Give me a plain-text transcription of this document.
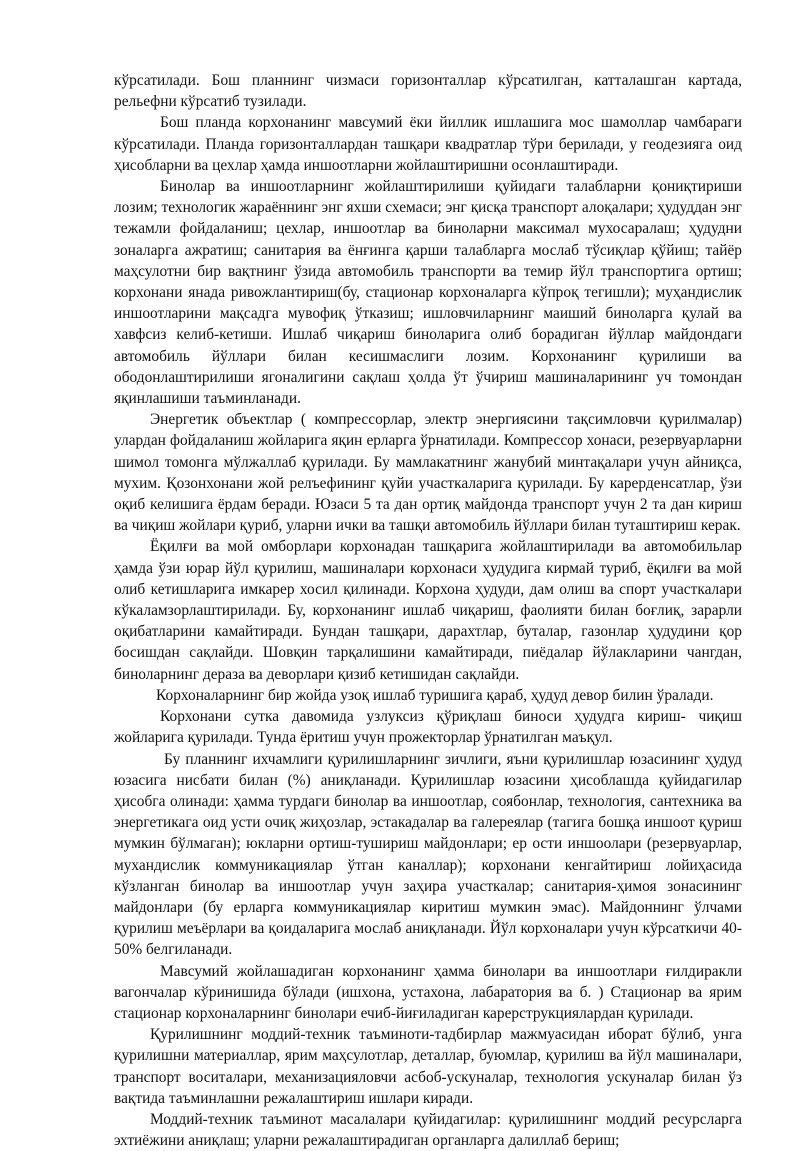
кўрсатилади. Бош планнинг чизмаси горизонталлар кўрсатилган, катталашган картада, рельефни кўрсатиб тузилади.

Бош планда корхонанинг мавсумий ёки йиллик ишлашига мос шамоллар чамбараги кўрсатилади. Планда горизонталлардан ташқари квадратлар тўри берилади, у геодезияга оид ҳисобларни ва цехлар ҳамда иншоотларни жойлаштиришни осонлаштиради.

Бинолар ва иншоотларнинг жойлаштирилиши қуйидаги талабларни қониқтириши лозим; технологик жараённинг энг яхши схемаси; энг қисқа транспорт алоқалари; ҳудуддан энг тежамли фойдаланиш; цехлар, иншоотлар ва биноларни максимал мухосаралаш; ҳудудни зоналарга ажратиш; санитария ва ёнғинга қарши талабларга мослаб тўсиқлар қўйиш; тайёр маҳсулотни бир вақтнинг ўзида автомобиль транспорти ва темир йўл транспортига ортиш; корхонани янада ривожлантириш(бу, стационар корхоналарга кўпроқ тегишли); муҳандислик иншоотларини мақсадга мувофиқ ўтказиш; ишловчиларнинг маиший биноларга қулай ва хавфсиз келиб-кетиши. Ишлаб чиқариш биноларига олиб борадиган йўллар майдондаги автомобиль йўллари билан кесишмаслиги лозим. Корхонанинг қурилиши ва ободонлаштирилиши ягоналигини сақлаш ҳолда ўт ўчириш машиналарининг уч томондан яқинлашиши таъминланади.

Энергетик объектлар ( компрессорлар, электр энергиясини тақсимловчи қурилмалар) улардан фойдаланиш жойларига яқин ерларга ўрнатилади. Компрессор хонаси, резервуарларни шимол томонга мўлжаллаб қурилади. Бу мамлакатнинг жанубий минтақалари учун айниқса, мухим. Қозонхонани жой релъефининг қуйи участкаларига қурилади. Бу карерденсатлар, ўзи оқиб келишига ёрдам беради. Юзаси 5 та дан ортиқ майдонда транспорт учун 2 та дан кириш ва чиқиш жойлари қуриб, уларни ички ва ташқи автомобиль йўллари билан туташтириш керак.

Ёқилғи ва мой омборлари корхонадан ташқарига жойлаштирилади ва автомобильлар ҳамда ўзи юрар йўл қурилиш, машиналари корхонаси ҳудудига кирмай туриб, ёқилғи ва мой олиб кетишларига имкарер хосил қилинади. Корхона ҳудуди, дам олиш ва спорт участкалари кўкаламзорлаштирилади. Бу, корхонанинг ишлаб чиқариш, фаолияти билан боғлиқ, зарарли оқибатларини камайтиради. Бундан ташқари, дарахтлар, буталар, газонлар ҳудудини қор босишдан сақлайди. Шовқин тарқалишини камайтиради, пиёдалар йўлакларини чангдан, биноларнинг дераза ва деворлари қизиб кетишидан сақлайди.

Корхоналарнинг бир жойда узоқ ишлаб туришига қараб, ҳудуд девор билин ўралади.

Корхонани сутка давомида узлуксиз қўриқлаш биноси ҳудудга кириш- чиқиш жойларига қурилади. Тунда ёритиш учун прожекторлар ўрнатилган маъқул.

Бу планнинг ихчамлиги қурилишларнинг зичлиги, яъни қурилишлар юзасининг ҳудуд юзасига нисбати билан (%) аниқланади. Қурилишлар юзасини ҳисоблашда қуйидагилар ҳисобга олинади: ҳамма турдаги бинолар ва иншоотлар, соябонлар, технология, сантехника ва энергетикага оид усти очиқ жиҳозлар, эстакадалар ва галереялар (тагига бошқа иншоот қуриш мумкин бўлмаган); юкларни ортиш-тушириш майдонлари; ер ости иншоолари (резервуарлар, мухандислик коммуникациялар ўтган каналлар); корхонани кенгайтириш лойиҳасида кўзланган бинолар ва иншоотлар учун заҳира участкалар; санитария-ҳимоя зонасининг майдонлари (бу ерларга коммуникациялар киритиш мумкин эмас). Майдоннинг ўлчами қурилиш меъёрлари ва қоидаларига мослаб аниқланади. Йўл корхоналари учун кўрсаткичи 40-50% белгиланади.

Мавсумий жойлашадиган корхонанинг ҳамма бинолари ва иншоотлари ғилдиракли вагончалар кўринишида бўлади (ишхона, устахона, лабаратория ва б. ) Стационар ва ярим стационар корхоналарнинг бинолари ечиб-йиғиладиган карерструкциялардан қурилади.

Қурилишнинг моддий-техник таъминоти-тадбирлар мажмуасидан иборат бўлиб, унга қурилишни материаллар, ярим маҳсулотлар, деталлар, буюмлар, қурилиш ва йўл машиналари, транспорт воситалари, механизацияловчи асбоб-ускуналар, технология ускуналар билан ўз вақтида таъминлашни режалаштириш ишлари киради.

Моддий-техник таъминот масалалари қуйидагилар: қурилишнинг моддий ресурсларга эхтиёжини аниқлаш; уларни режалаштирадиган органларга далиллаб бериш;
